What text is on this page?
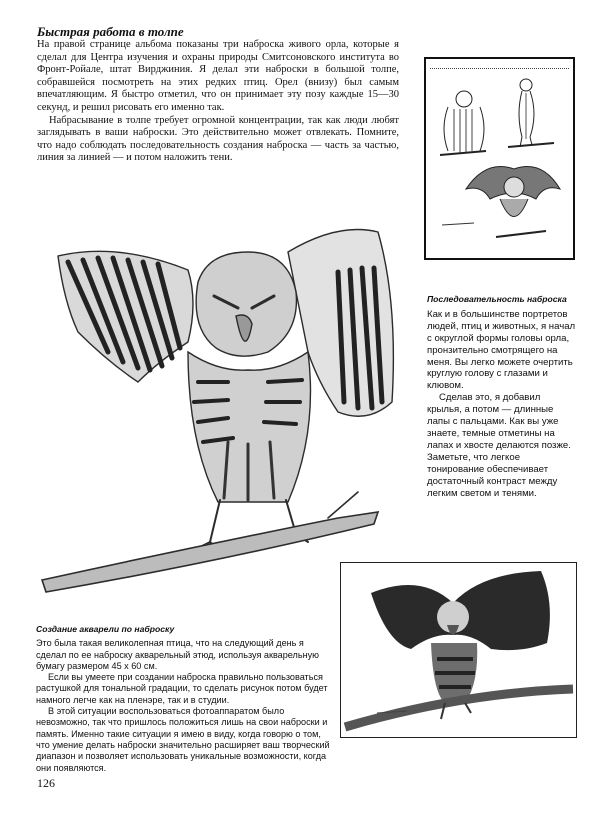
Быстрая работа в толпе

На правой странице альбома показаны три наброска живого орла, которые я сделал для Центра изучения и охраны природы Смитсоновского института во Фронт-Ройале, штат Вирджиния. Я делал эти наброски в большой толпе, собравшейся посмотреть на этих редких птиц. Орел (внизу) был самым впечатляющим. Я быстро отметил, что он принимает эту позу каждые 15—30 секунд, и решил рисовать его именно так.

Набрасывание в толпе требует огромной концентрации, так как люди любят заглядывать в ваши наброски. Это действительно может отвлекать. Помните, что надо соблюдать последовательность создания наброска — часть за частью, линия за линией — и потом наложить тени.

Последовательность наброска

Как и в большинстве портретов людей, птиц и животных, я начал с округлой формы головы орла, пронзительно смотрящего на меня. Вы легко можете очертить круглую голову с глазами и клювом.

Сделав это, я добавил крылья, а потом — длинные лапы с пальцами. Как вы уже знаете, темные отметины на лапах и хвосте делаются позже. Заметьте, что легкое тонирование обеспечивает достаточный контраст между легким светом и тенями.

Создание акварели по наброску

Это была такая великолепная птица, что на следующий день я сделал по ее наброску акварельный этюд, используя акварельную бумагу размером 45 х 60 см.

Если вы умеете при создании наброска правильно пользоваться растушкой для тональной градации, то сделать рисунок потом будет намного легче как на пленэре, так и в студии.

В этой ситуации воспользоваться фотоаппаратом было невозможно, так что пришлось положиться лишь на свои наброски и память. Именно такие ситуации я имею в виду, когда говорю о том, что умение делать наброски значительно расширяет ваш творческий диапазон и позволяет использовать уникальные возможности, когда они появляются.

126
